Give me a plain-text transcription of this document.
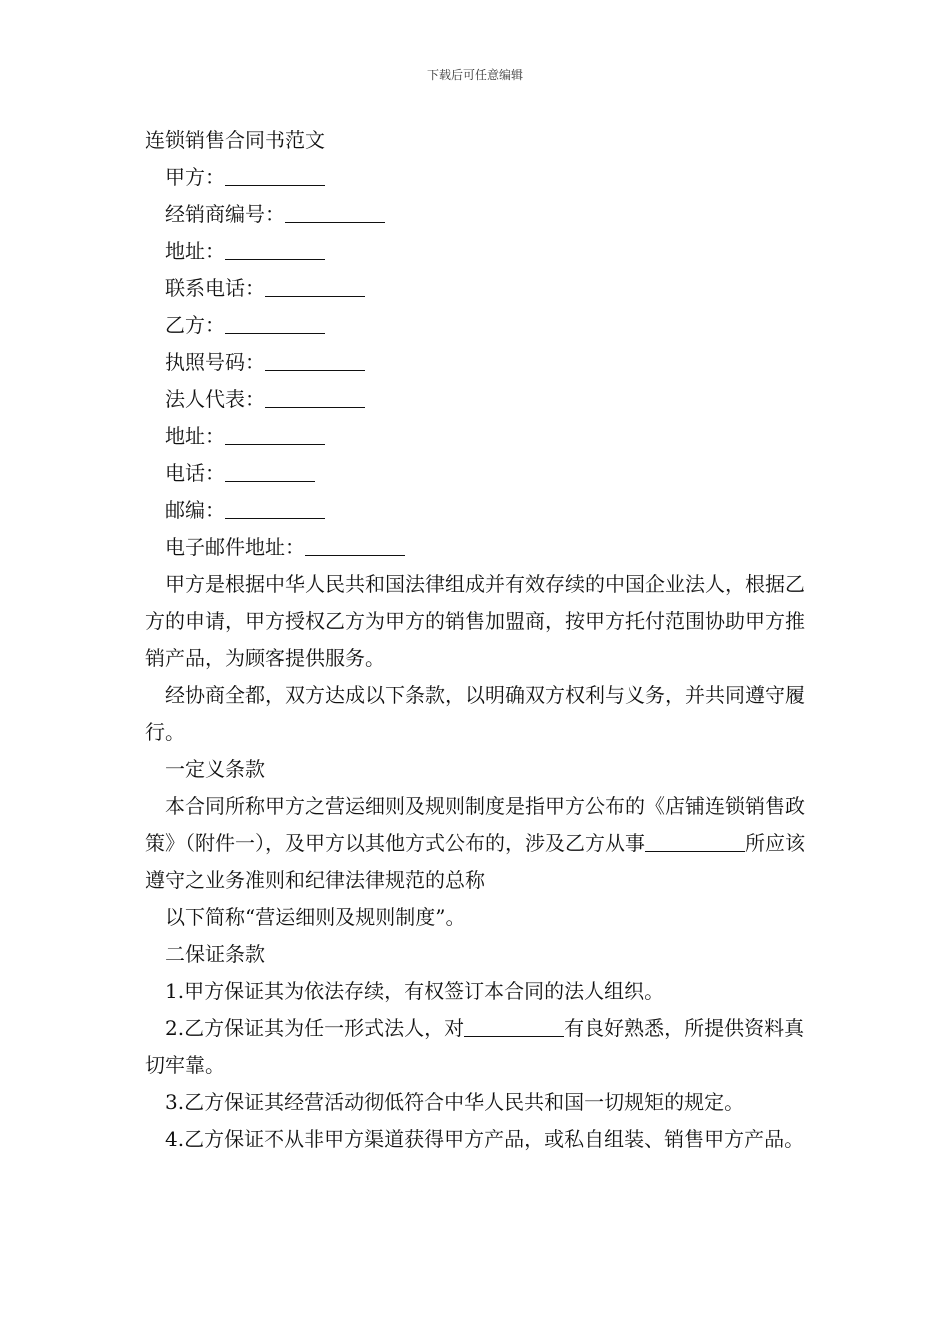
下载后可任意编辑
连锁销售合同书范文
甲方：
经销商编号：
地址：
联系电话：
乙方：
执照号码：
法人代表：
地址：
电话：
邮编：
电子邮件地址：
甲方是根据中华人民共和国法律组成并有效存续的中国企业法人，根据乙方的申请，甲方授权乙方为甲方的销售加盟商，按甲方托付范围协助甲方推销产品，为顾客提供服务。
经协商全都，双方达成以下条款，以明确双方权利与义务，并共同遵守履行。
一定义条款
本合同所称甲方之营运细则及规则制度是指甲方公布的《店铺连锁销售政策》（附件一），及甲方以其他方式公布的，涉及乙方从事	所应该遵守之业务准则和纪律法律规范的总称
以下简称“营运细则及规则制度”。
二保证条款
1.甲方保证其为依法存续，有权签订本合同的法人组织。
2.乙方保证其为任一形式法人，对	有良好熟悉，所提供资料真切牢靠。
3.乙方保证其经营活动彻低符合中华人民共和国一切规矩的规定。
4.乙方保证不从非甲方渠道获得甲方产品，或私自组装、销售甲方产品。
